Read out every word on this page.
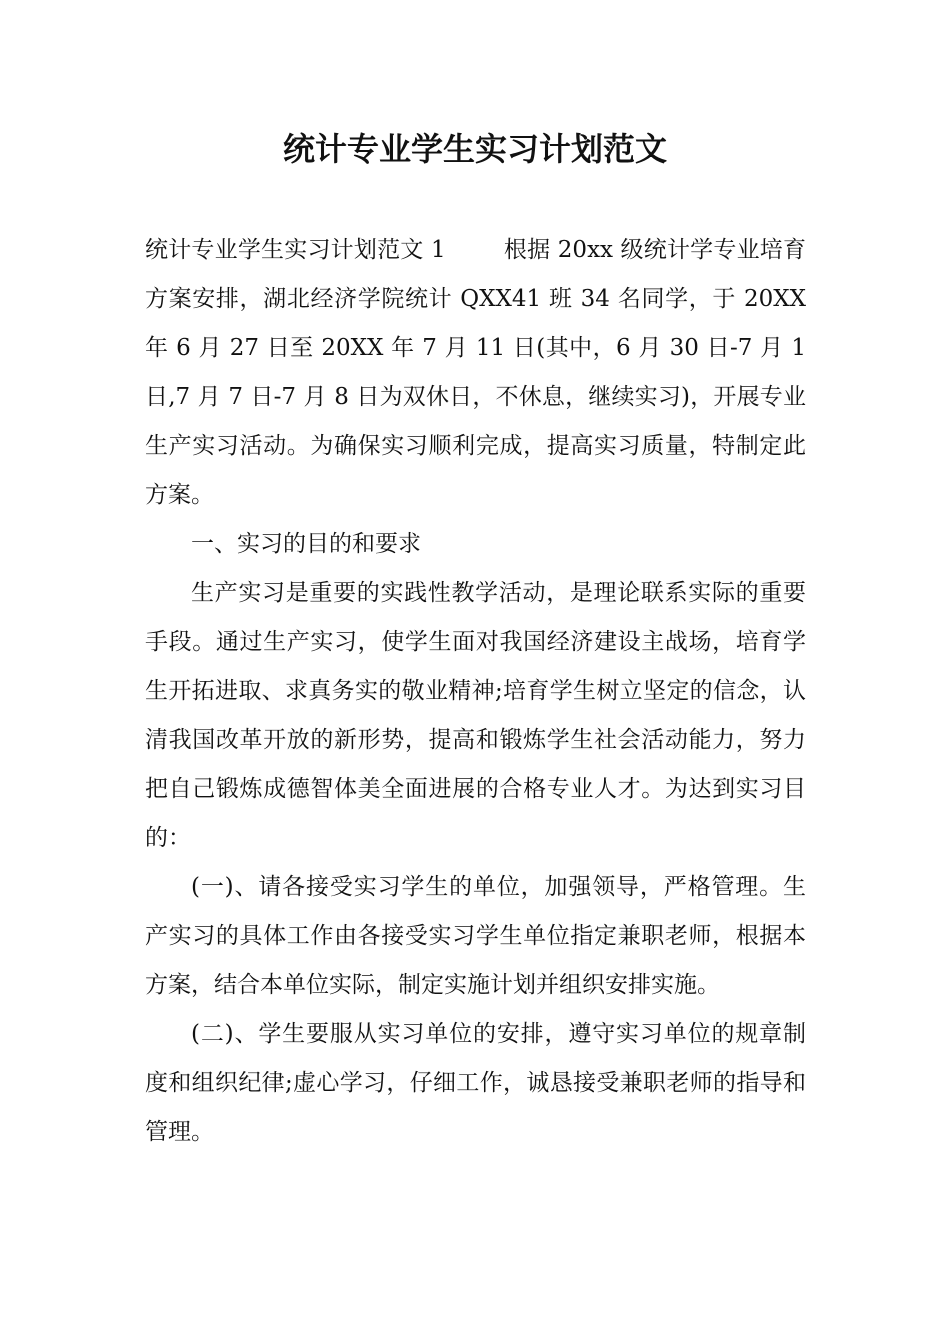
统计专业学生实习计划范文

统计专业学生实习计划范文 1	根据 20xx 级统计学专业培育方案安排，湖北经济学院统计 QXX41 班 34 名同学，于 20XX 年 6 月 27 日至 20XX 年 7 月 11 日(其中，6 月 30 日-7 月 1 日,7 月 7 日-7 月 8 日为双休日，不休息，继续实习)，开展专业生产实习活动。为确保实习顺利完成，提高实习质量，特制定此方案。

一、实习的目的和要求

生产实习是重要的实践性教学活动，是理论联系实际的重要手段。通过生产实习，使学生面对我国经济建设主战场，培育学生开拓进取、求真务实的敬业精神;培育学生树立坚定的信念，认清我国改革开放的新形势，提高和锻炼学生社会活动能力，努力把自己锻炼成德智体美全面进展的合格专业人才。为达到实习目的：

(一)、请各接受实习学生的单位，加强领导，严格管理。生产实习的具体工作由各接受实习学生单位指定兼职老师，根据本方案，结合本单位实际，制定实施计划并组织安排实施。

(二)、学生要服从实习单位的安排，遵守实习单位的规章制度和组织纪律;虚心学习，仔细工作，诚恳接受兼职老师的指导和管理。
